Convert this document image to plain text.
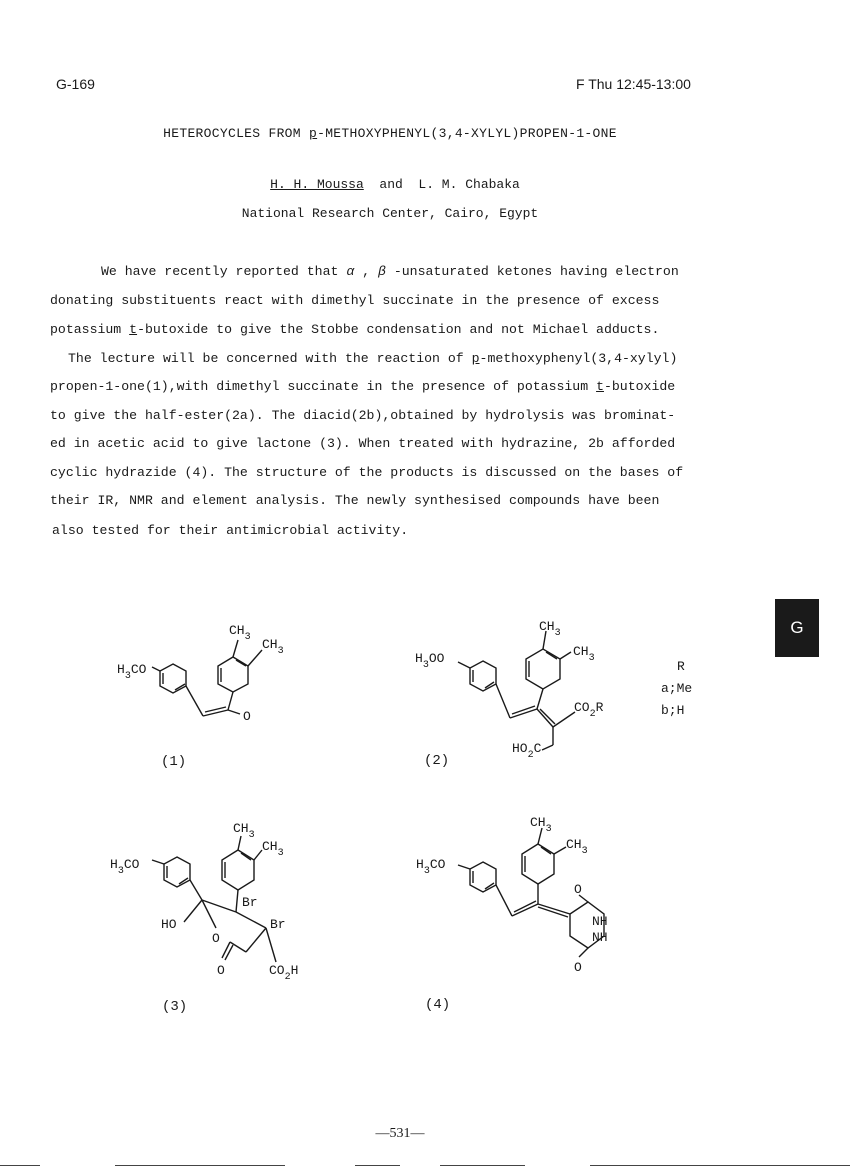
G-169	F Thu 12:45-13:00
HETEROCYCLES FROM p-METHOXYPHENYL(3,4-XYLYL)PROPEN-1-ONE
H. H. Moussa and L. M. Chabaka
National Research Center, Cairo, Egypt
We have recently reported that α , β -unsaturated ketones having electron
donating substituents react with dimethyl succinate in the presence of excess
potassium t-butoxide to give the Stobbe condensation and not Michael adducts.
The lecture will be concerned with the reaction of p-methoxyphenyl(3,4-xylyl)
propen-1-one(1),with dimethyl succinate in the presence of potassium t-butoxide
to give the half-ester(2a). The diacid(2b),obtained by hydrolysis was brominat-
ed in acetic acid to give lactone (3). When treated with hydrazine, 2b afforded
cyclic hydrazide (4). The structure of the products is discussed on the bases of
their IR, NMR and element analysis. The newly synthesised compounds have been
also tested for their antimicrobial activity.
G
$H_3CO$
$CH_3$ $CH_3$
O
(1)
$H_3OO$
$CH_3$
$CH_3$
$CO_2R$
$HO_2C$
(2)
R
a;Me
b;H
$H_3CO$
$CH_3$
$CH_3$
Br
Br
HO
O
O	$CO_2H$
(3)
$H_3CO$
$CH_3$
$CH_3$
O
NH
NH
O
(4)
—531—
